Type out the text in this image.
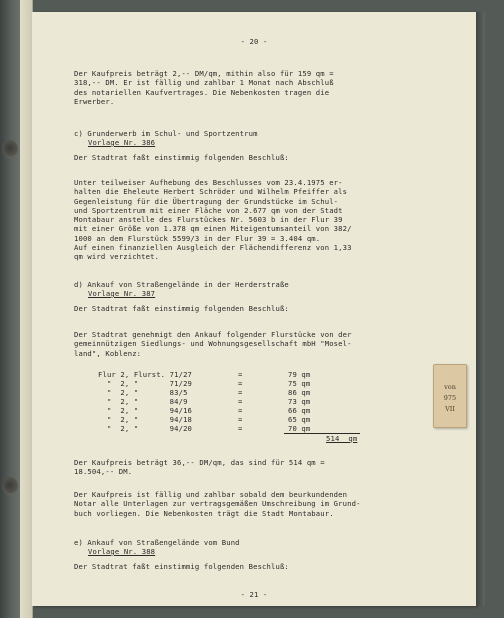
- 20 -

Der Kaufpreis beträgt 2,-- DM/qm, mithin also für 159 qm =
318,-- DM. Er ist fällig und zahlbar 1 Monat nach Abschluß
des notariellen Kaufvertrages. Die Nebenkosten tragen die
Erwerber.

c) Grunderwerb im Schul- und Sportzentrum

Vorlage Nr. 386

Der Stadtrat faßt einstimmig folgenden Beschluß:

Unter teilweiser Aufhebung des Beschlusses vom 23.4.1975 er-
halten die Eheleute Herbert Schröder und Wilhelm Pfeiffer als
Gegenleistung für die Übertragung der Grundstücke im Schul-
und Sportzentrum mit einer Fläche von 2.677 qm von der Stadt
Montabaur anstelle des Flurstückes Nr. 5603 b in der Flur 39
mit einer Größe von 1.378 qm einen Miteigentumsanteil von 382/
1000 an dem Flurstück 5599/3 in der Flur 39 = 3.404 qm.
Auf einen finanziellen Ausgleich der Flächendifferenz von 1,33
qm wird verzichtet.

d) Ankauf von Straßengelände in der Herderstraße

Vorlage Nr. 387

Der Stadtrat faßt einstimmig folgenden Beschluß:

Der Stadtrat genehmigt den Ankauf folgender Flurstücke von der
gemeinnützigen Siedlungs- und Wohnungsgesellschaft mbH "Mosel-
land", Koblenz:

Flur 2, Flurst. 71/27

"  2, "       71/29

"  2, "       83/5

"  2, "       84/9

"  2, "       94/16

"  2, "       94/18

"  2, "       94/20

=

=

=

=

=

=

=

79 qm

75 qm

86 qm

73 qm

66 qm

65 qm

70 qm

514  qm

Der Kaufpreis beträgt 36,-- DM/qm, das sind für 514 qm =
18.504,-- DM.

Der Kaufpreis ist fällig und zahlbar sobald dem beurkundenden
Notar alle Unterlagen zur vertragsgemäßen Umschreibung im Grund-
buch vorliegen. Die Nebenkosten trägt die Stadt Montabaur.

e) Ankauf von Straßengelände vom Bund

Vorlage Nr. 388

Der Stadtrat faßt einstimmig folgenden Beschluß:

- 21 -

von
975
VII
